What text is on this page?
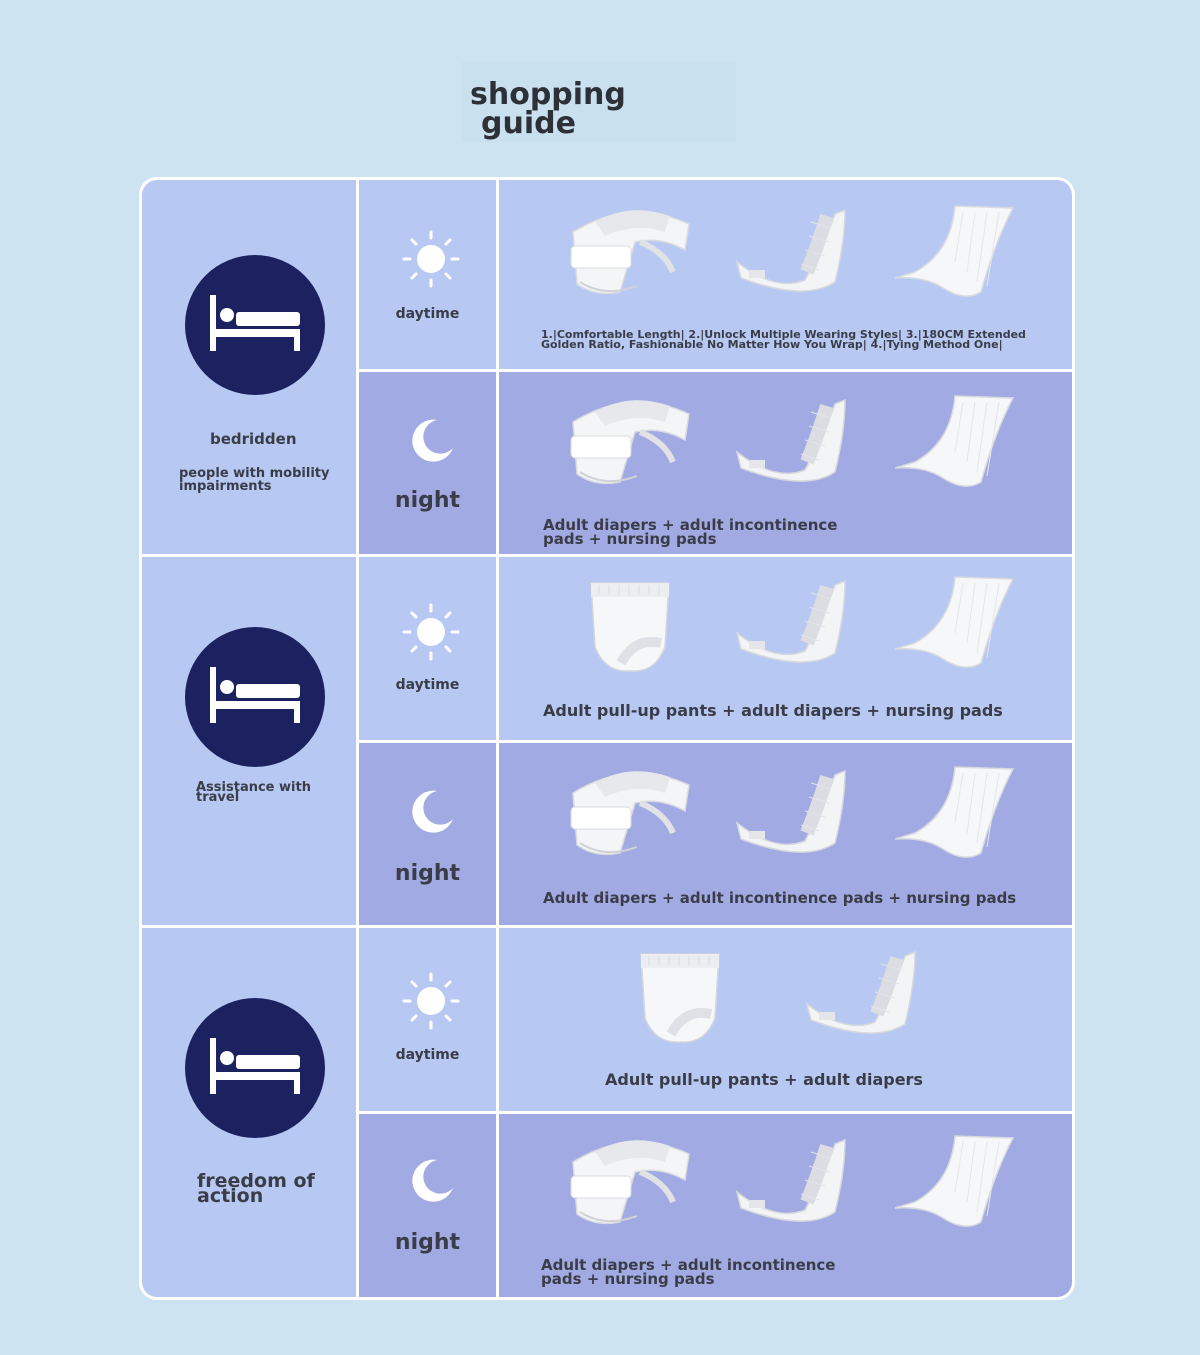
shopping
guide
bedridden
people with mobility
impairments
daytime
1.|Comfortable Length| 2.|Unlock Multiple Wearing Styles| 3.|180CM Extended
Golden Ratio, Fashionable No Matter How You Wrap| 4.|Tying Method One|
night
Adult diapers + adult incontinence
pads + nursing pads
Assistance with
travel
daytime
Adult pull-up pants + adult diapers + nursing pads
night
Adult diapers + adult incontinence pads + nursing pads
freedom of
action
daytime
Adult pull-up pants + adult diapers
night
Adult diapers + adult incontinence
pads + nursing pads
